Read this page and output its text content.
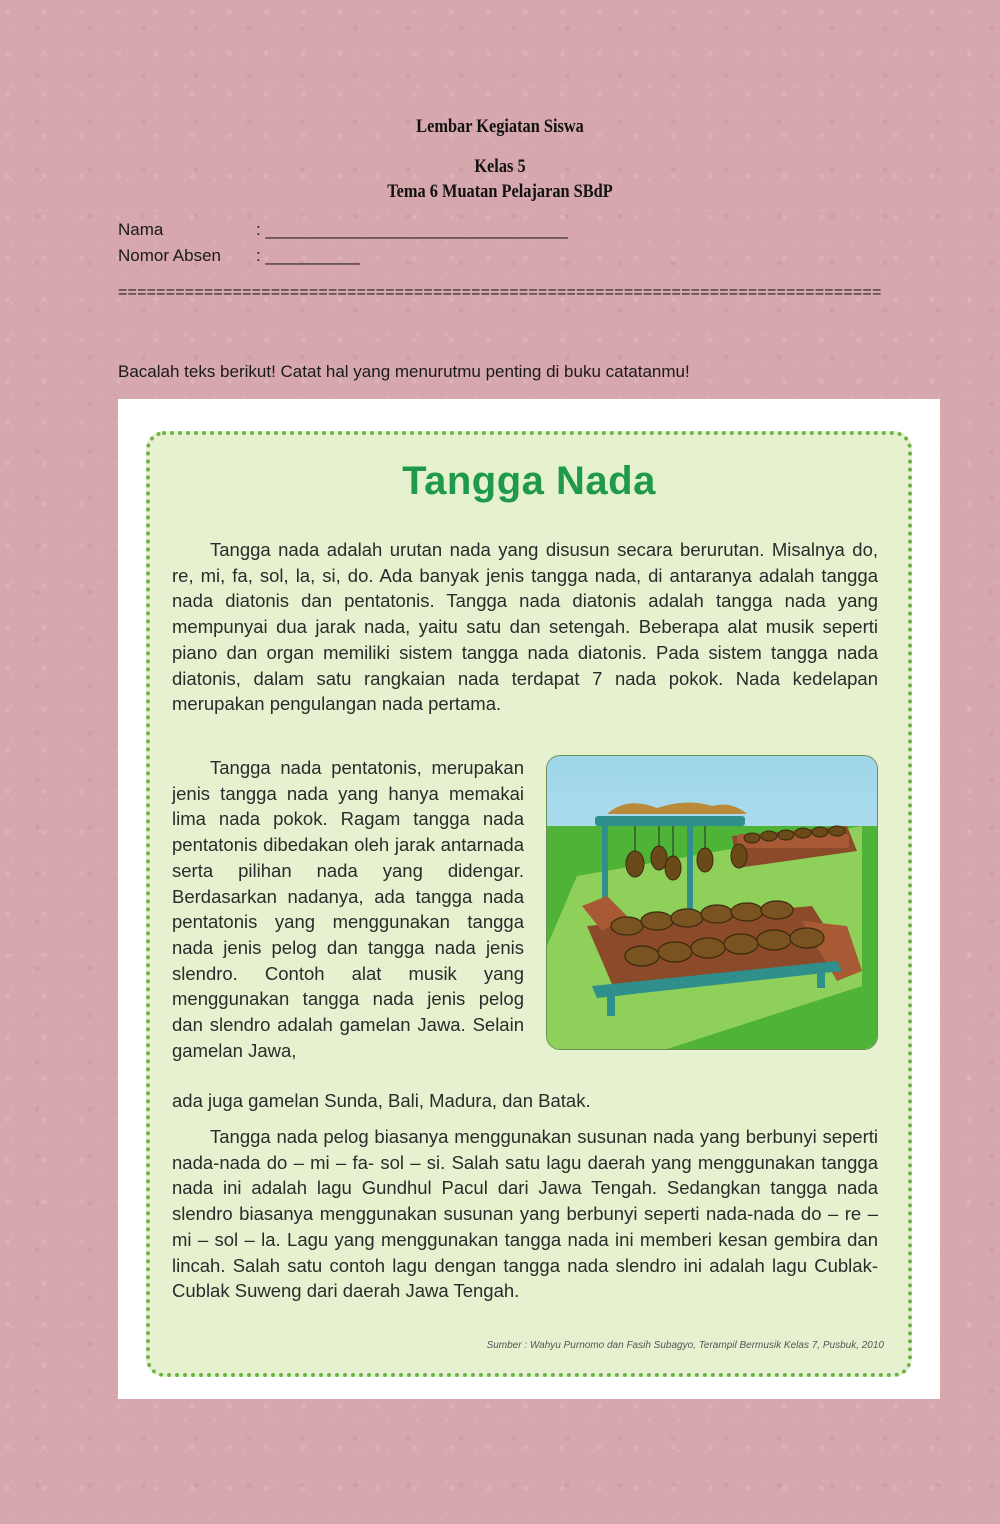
Lembar Kegiatan Siswa
Kelas 5
Tema 6 Muatan Pelajaran SBdP
Nama	: ________________________________
Nomor Absen : __________
================================================================================
Bacalah teks berikut! Catat hal yang menurutmu penting di buku catatanmu!
Tangga Nada

Tangga nada adalah urutan nada yang disusun secara berurutan. Misalnya do, re, mi, fa, sol, la, si, do. Ada banyak jenis tangga nada, di antaranya adalah tangga nada diatonis dan pentatonis. Tangga nada diatonis adalah tangga nada yang mempunyai dua jarak nada, yaitu satu dan setengah. Beberapa alat musik seperti piano dan organ memiliki sistem tangga nada diatonis. Pada sistem tangga nada diatonis, dalam satu rangkaian nada terdapat 7 nada pokok. Nada kedelapan merupakan pengulangan nada pertama.

Tangga nada pentatonis, merupakan jenis tangga nada yang hanya memakai lima nada pokok. Ragam tangga nada pentatonis dibedakan oleh jarak antarnada serta pilihan nada yang didengar. Berdasarkan nadanya, ada tangga nada pentatonis yang menggunakan tangga nada jenis pelog dan tangga nada jenis slendro. Contoh alat musik yang menggunakan tangga nada jenis pelog dan slendro adalah gamelan Jawa. Selain gamelan Jawa,

ada juga gamelan Sunda, Bali, Madura, dan Batak.

Tangga nada pelog biasanya menggunakan susunan nada yang berbunyi seperti nada-nada do – mi – fa- sol – si. Salah satu lagu daerah yang menggunakan tangga nada ini adalah lagu Gundhul Pacul dari Jawa Tengah. Sedangkan tangga nada slendro biasanya menggunakan susunan yang berbunyi seperti nada-nada do – re – mi – sol – la. Lagu yang menggunakan tangga nada ini memberi kesan gembira dan lincah. Salah satu contoh lagu dengan tangga nada slendro ini adalah lagu Cublak-Cublak Suweng dari daerah Jawa Tengah.

Sumber : Wahyu Purnomo dan Fasih Subagyo, Terampil Bermusik Kelas 7, Pusbuk, 2010
